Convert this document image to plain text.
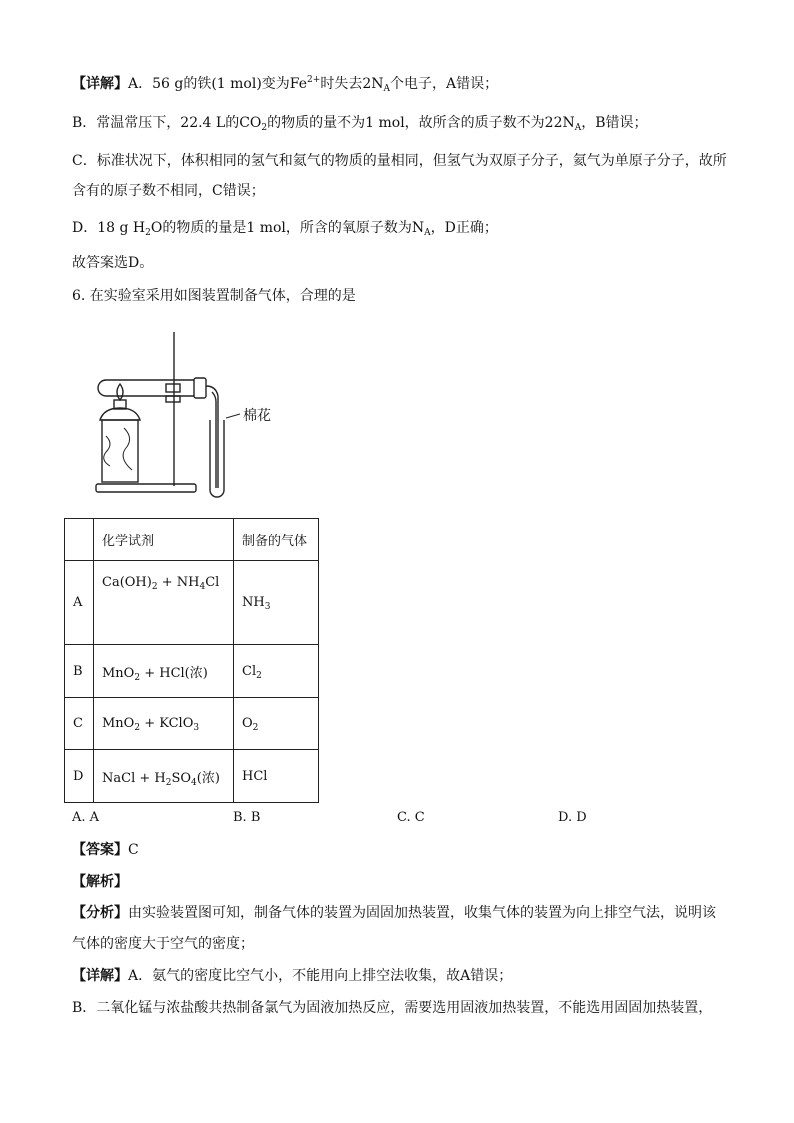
【详解】A．56 g的铁(1 mol)变为$Fe^{2+}$时失去$2N_A$个电子，A错误；
B．常温常压下，22.4 L的$CO_2$的物质的量不为1 mol，故所含的质子数不为$22N_A$，B错误；
C．标准状况下，体积相同的氢气和氦气的物质的量相同，但氢气为双原子分子，氦气为单原子分子，故所
含有的原子数不相同，C错误；
D．18 g $H_2O$的物质的量是1 mol，所含的氧原子数为$N_A$，D正确；
故答案选D。
6. 在实验室采用如图装置制备气体，合理的是
棉花
	化学试剂	制备的气体
A	$Ca(OH)_2 + NH_4Cl$	$NH_3$
B	MnO$_2$ + HCl(浓)	$Cl_2$
C	MnO$_2$ + KClO$_3$	$O_2$
D	NaCl + $H_2SO_4$(浓)	HCl
A. A	B. B	C. C	D. D
【答案】C
【解析】
【分析】由实验装置图可知，制备气体的装置为固固加热装置，收集气体的装置为向上排空气法，说明该
气体的密度大于空气的密度；
【详解】A．氨气的密度比空气小，不能用向上排空法收集，故A错误；
B．二氧化锰与浓盐酸共热制备氯气为固液加热反应，需要选用固液加热装置，不能选用固固加热装置，
